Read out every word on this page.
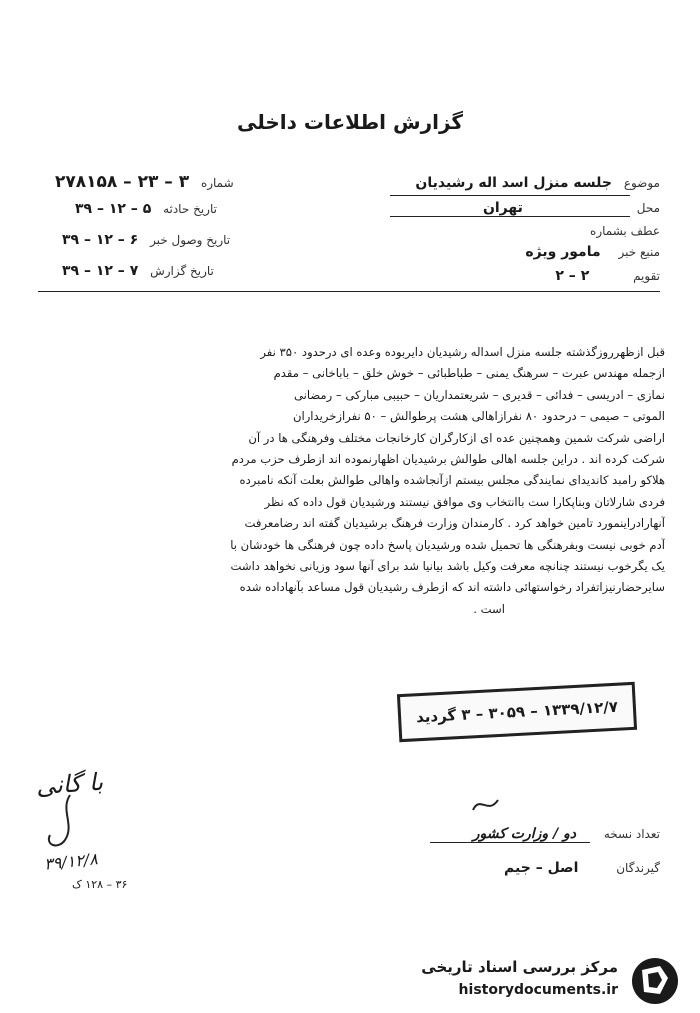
گزارش اطلاعات داخلی
موضوع جلسه منزل اسد اله رشیدیان
محل تهران
عطف بشماره
منبع خبر مامور ویژه
تقویم ۲ – ۲
شماره ۳ – ۲۳ – ۲۷۸۱۵۸
تاریخ حادثه ۵ – ۱۲ – ۳۹
تاریخ وصول خبر ۶ – ۱۲ – ۳۹
تاریخ گزارش ۷ – ۱۲ – ۳۹
قبل ازظهرروزگذشته جلسه منزل اسداله رشیدیان دایربوده وعده ای درحدود ۳۵۰ نفر
ازجمله مهندس عبرت – سرهنگ یمنی – طباطبائی – خوش خلق – باباخانی – مقدم
نمازی – ادریسی – فدائی – قدیری – شریعتمداریان – حبیبی مبارکی – رمضانی
الموتی – صیمی – درحدود ۸۰ نفرازاهالی هشت پرطوالش – ۵۰ نفرازخریداران
اراضی شرکت شمین وهمچنین عده ای ازکارگران کارخانجات مختلف وفرهنگی ها در آن
شرکت کرده اند . دراین جلسه اهالی طوالش برشیدیان اظهارنموده اند ازطرف حزب مردم
هلاکو رامبد کاندیدای نمایندگی مجلس بیستم ازآنجاشده واهالی طوالش بعلت آنکه نامبرده
فردی شارلاتان وبناپکارا ست باانتخاب وی موافق نیستند ورشیدیان قول داده که نظر
آنهارادراینمورد تامین خواهد کرد . کارمندان وزارت فرهنگ برشیدیان گفته اند رضامعرفت
آدم خوبی نیست وبفرهنگی ها تحمیل شده ورشیدیان پاسخ داده چون فرهنگی ها خودشان با
یک یگرخوب نیستند چنانچه معرفت وکیل باشد بیانیا شد برای آنها سود وزیانی نخواهد داشت
سایرحضارنیزاتفراد رخواستهائی داشته اند که ازطرف رشیدیان قول مساعد بآنهاداده شده
است .
۱۳۳۹/۱۲/۷ – ۳۰۵۹ – ۳ گردید
با گانی
۳۹/۱۲/۸
تعداد نسخه دو / وزارت کشور
گیرندگان اصل – جیم
۳۶ – ۱۲۸ ک
مرکز بررسی اسناد تاریخی
historydocuments.ir
